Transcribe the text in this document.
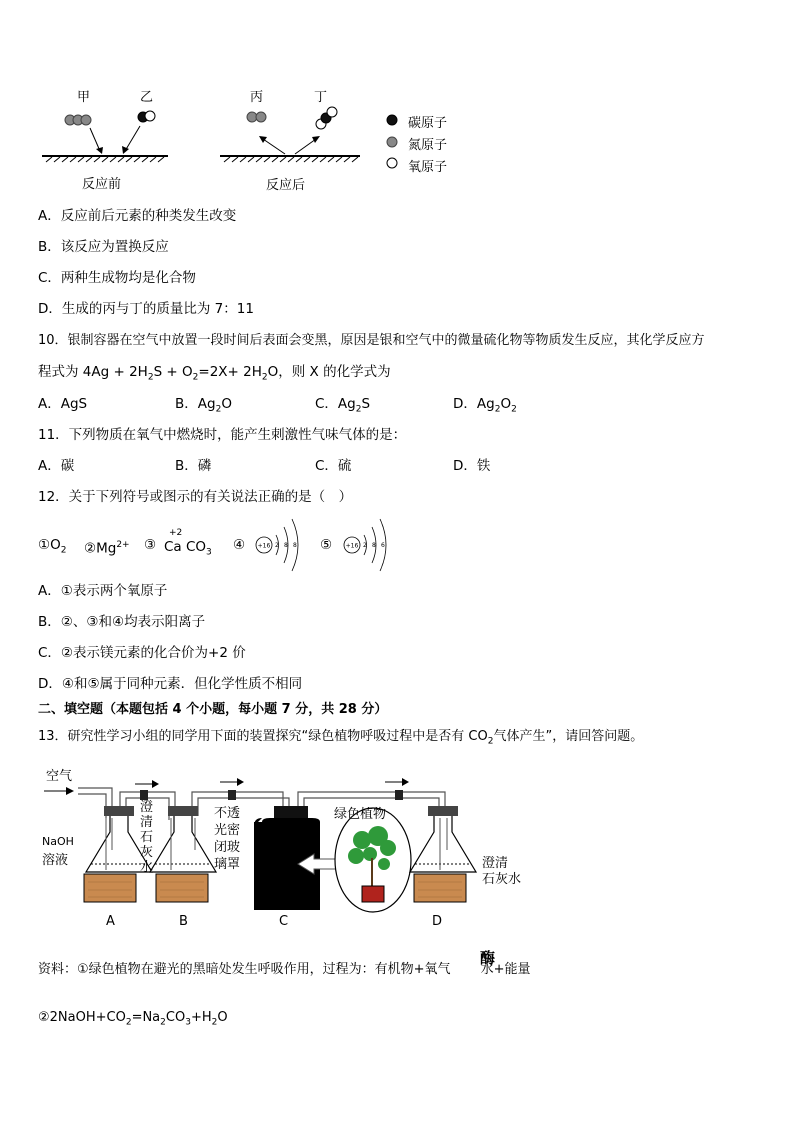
甲	乙	丙	丁
反应前	反应后
碳原子
氮原子
氧原子
A．反应前后元素的种类发生改变
B．该反应为置换反应
C．两种生成物均是化合物
D．生成的丙与丁的质量比为 7：11
10．银制容器在空气中放置一段时间后表面会变黑，原因是银和空气中的微量硫化物等物质发生反应，其化学反应方
程式为 $4Ag + 2H_2S + O_2=2X+ 2H_2O$，则 X 的化学式为
A．AgS	B．$Ag_2O$	C．$Ag_2S$	D．$Ag_2O_2$
11．下列物质在氧气中燃烧时，能产生刺激性气味气体的是：
A．碳	B．磷	C．硫	D．铁
12．关于下列符号或图示的有关说法正确的是（　）
$①O_2$ $②Mg^{2+}$ ③
+2
Ca $CO_3$ ④	⑤
+16 2 8 8	+16 2 8 6
A．①表示两个氧原子
B．②、③和④均表示阳离子
C．②表示镁元素的化合价为+2 价
D．④和⑤属于同种元素．但化学性质不相同
二、填空题（本题包括 4 个小题，每小题 7 分，共 28 分）
13．研究性学习小组的同学用下面的装置探究“绿色植物呼吸过程中是否有 $CO_2$气体产生”，请回答问题。
空气
NaOH
溶液
澄
清
石
灰
水
不透
光密
闭玻
璃罩
绿色植物
澄清
石灰水
A	B	C	D
资料：①绿色植物在避光的黑暗处发生呼吸作用，过程为：有机物+氧气 水+能量
酶
$②2NaOH+CO_2=Na_2CO_3+H_2O$
